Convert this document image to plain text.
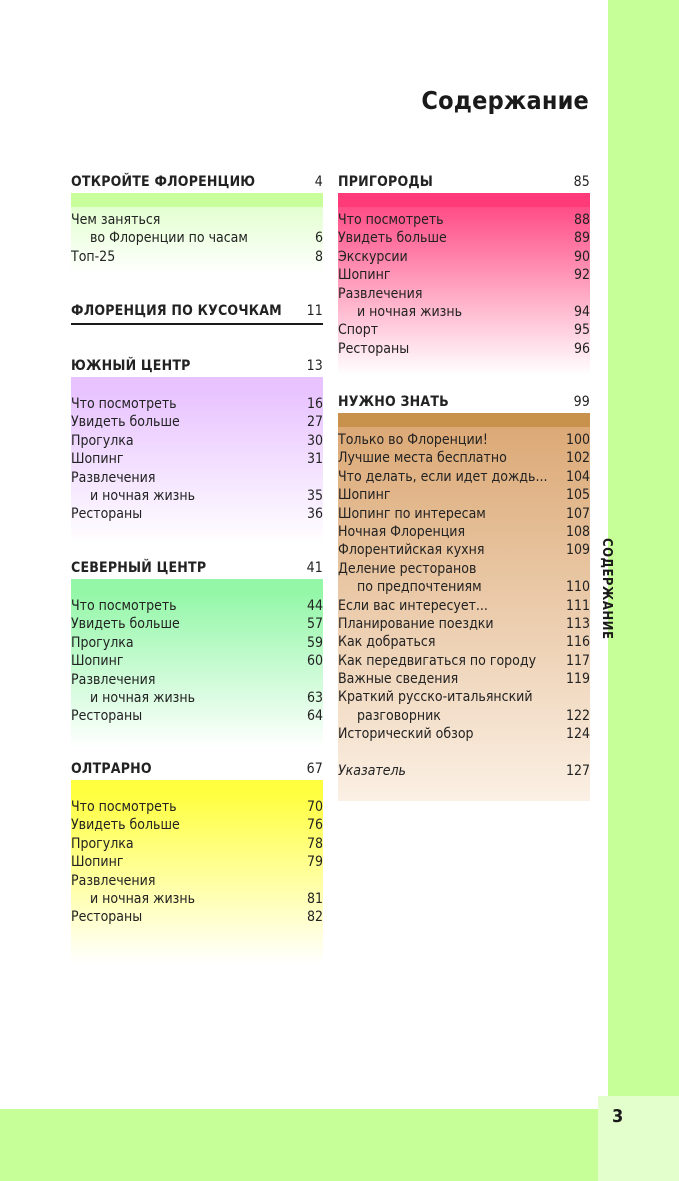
3
СОДЕРЖАНИЕ
Содержание
ОТКРОЙТЕ ФЛОРЕНЦИЮ	4
Чем заняться
во Флоренции по часам	6
Топ-25	8
ФЛОРЕНЦИЯ ПО КУСОЧКАМ 11
ЮЖНЫЙ ЦЕНТР	13
Что посмотреть	16
Увидеть больше	27
Прогулка	30
Шопинг	31
Развлечения
и ночная жизнь	35
Рестораны	36
СЕВЕРНЫЙ ЦЕНТР	41
Что посмотреть	44
Увидеть больше	57
Прогулка	59
Шопинг	60
Развлечения
и ночная жизнь	63
Рестораны	64
ОЛТРАРНО	67
Что посмотреть	70
Увидеть больше	76
Прогулка	78
Шопинг	79
Развлечения
и ночная жизнь	81
Рестораны	82
ПРИГОРОДЫ	85
Что посмотреть	88
Увидеть больше	89
Экскурсии	90
Шопинг	92
Развлечения
и ночная жизнь	94
Спорт	95
Рестораны	96
НУЖНО ЗНАТЬ	99
Только во Флоренции!	100
Лучшие места бесплатно	102
Что делать, если идет дождь... 104
Шопинг	105
Шопинг по интересам	107
Ночная Флоренция	108
Флорентийская кухня	109
Деление ресторанов
по предпочтениям	110
Если вас интересует...	111
Планирование поездки	113
Как добраться	116
Как передвигаться по городу 117
Важные сведения	119
Краткий русско-итальянский
разговорник	122
Исторический обзор	124
Указатель	127
